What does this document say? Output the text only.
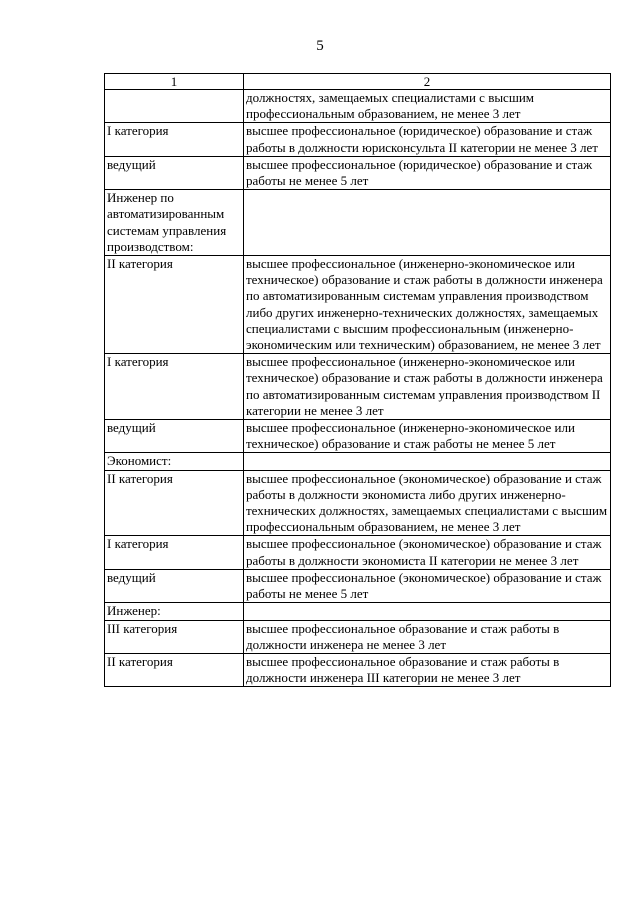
5
1	2
	должностях, замещаемых специалистами с высшим профессиональным образованием, не менее 3 лет
I категория	высшее профессиональное (юридическое) образование и стаж работы в должности юрисконсульта II категории не менее 3 лет
ведущий	высшее профессиональное (юридическое) образование и стаж работы не менее 5 лет
Инженер по автоматизированным системам управления производством:	
II категория	высшее профессиональное (инженерно-экономическое или техническое) образование и стаж работы в должности инженера по автоматизированным системам управления производством либо других инженерно-технических должностях, замещаемых специалистами с высшим профессиональным (инженерно-экономическим или техническим) образованием, не менее 3 лет
I категория	высшее профессиональное (инженерно-экономическое или техническое) образование и стаж работы в должности инженера по автоматизированным системам управления производством II категории не менее 3 лет
ведущий	высшее профессиональное (инженерно-экономическое или техническое) образование и стаж работы не менее 5 лет
Экономист:	
II категория	высшее профессиональное (экономическое) образование и стаж работы в должности экономиста либо других инженерно-технических должностях, замещаемых специалистами с высшим профессиональным образованием, не менее 3 лет
I категория	высшее профессиональное (экономическое) образование и стаж работы в должности экономиста II категории не менее 3 лет
ведущий	высшее профессиональное (экономическое) образование и стаж работы не менее 5 лет
Инженер:	
III категория	высшее профессиональное образование и стаж работы в должности инженера не менее 3 лет
II категория	высшее профессиональное образование и стаж работы в должности инженера III категории не менее 3 лет
